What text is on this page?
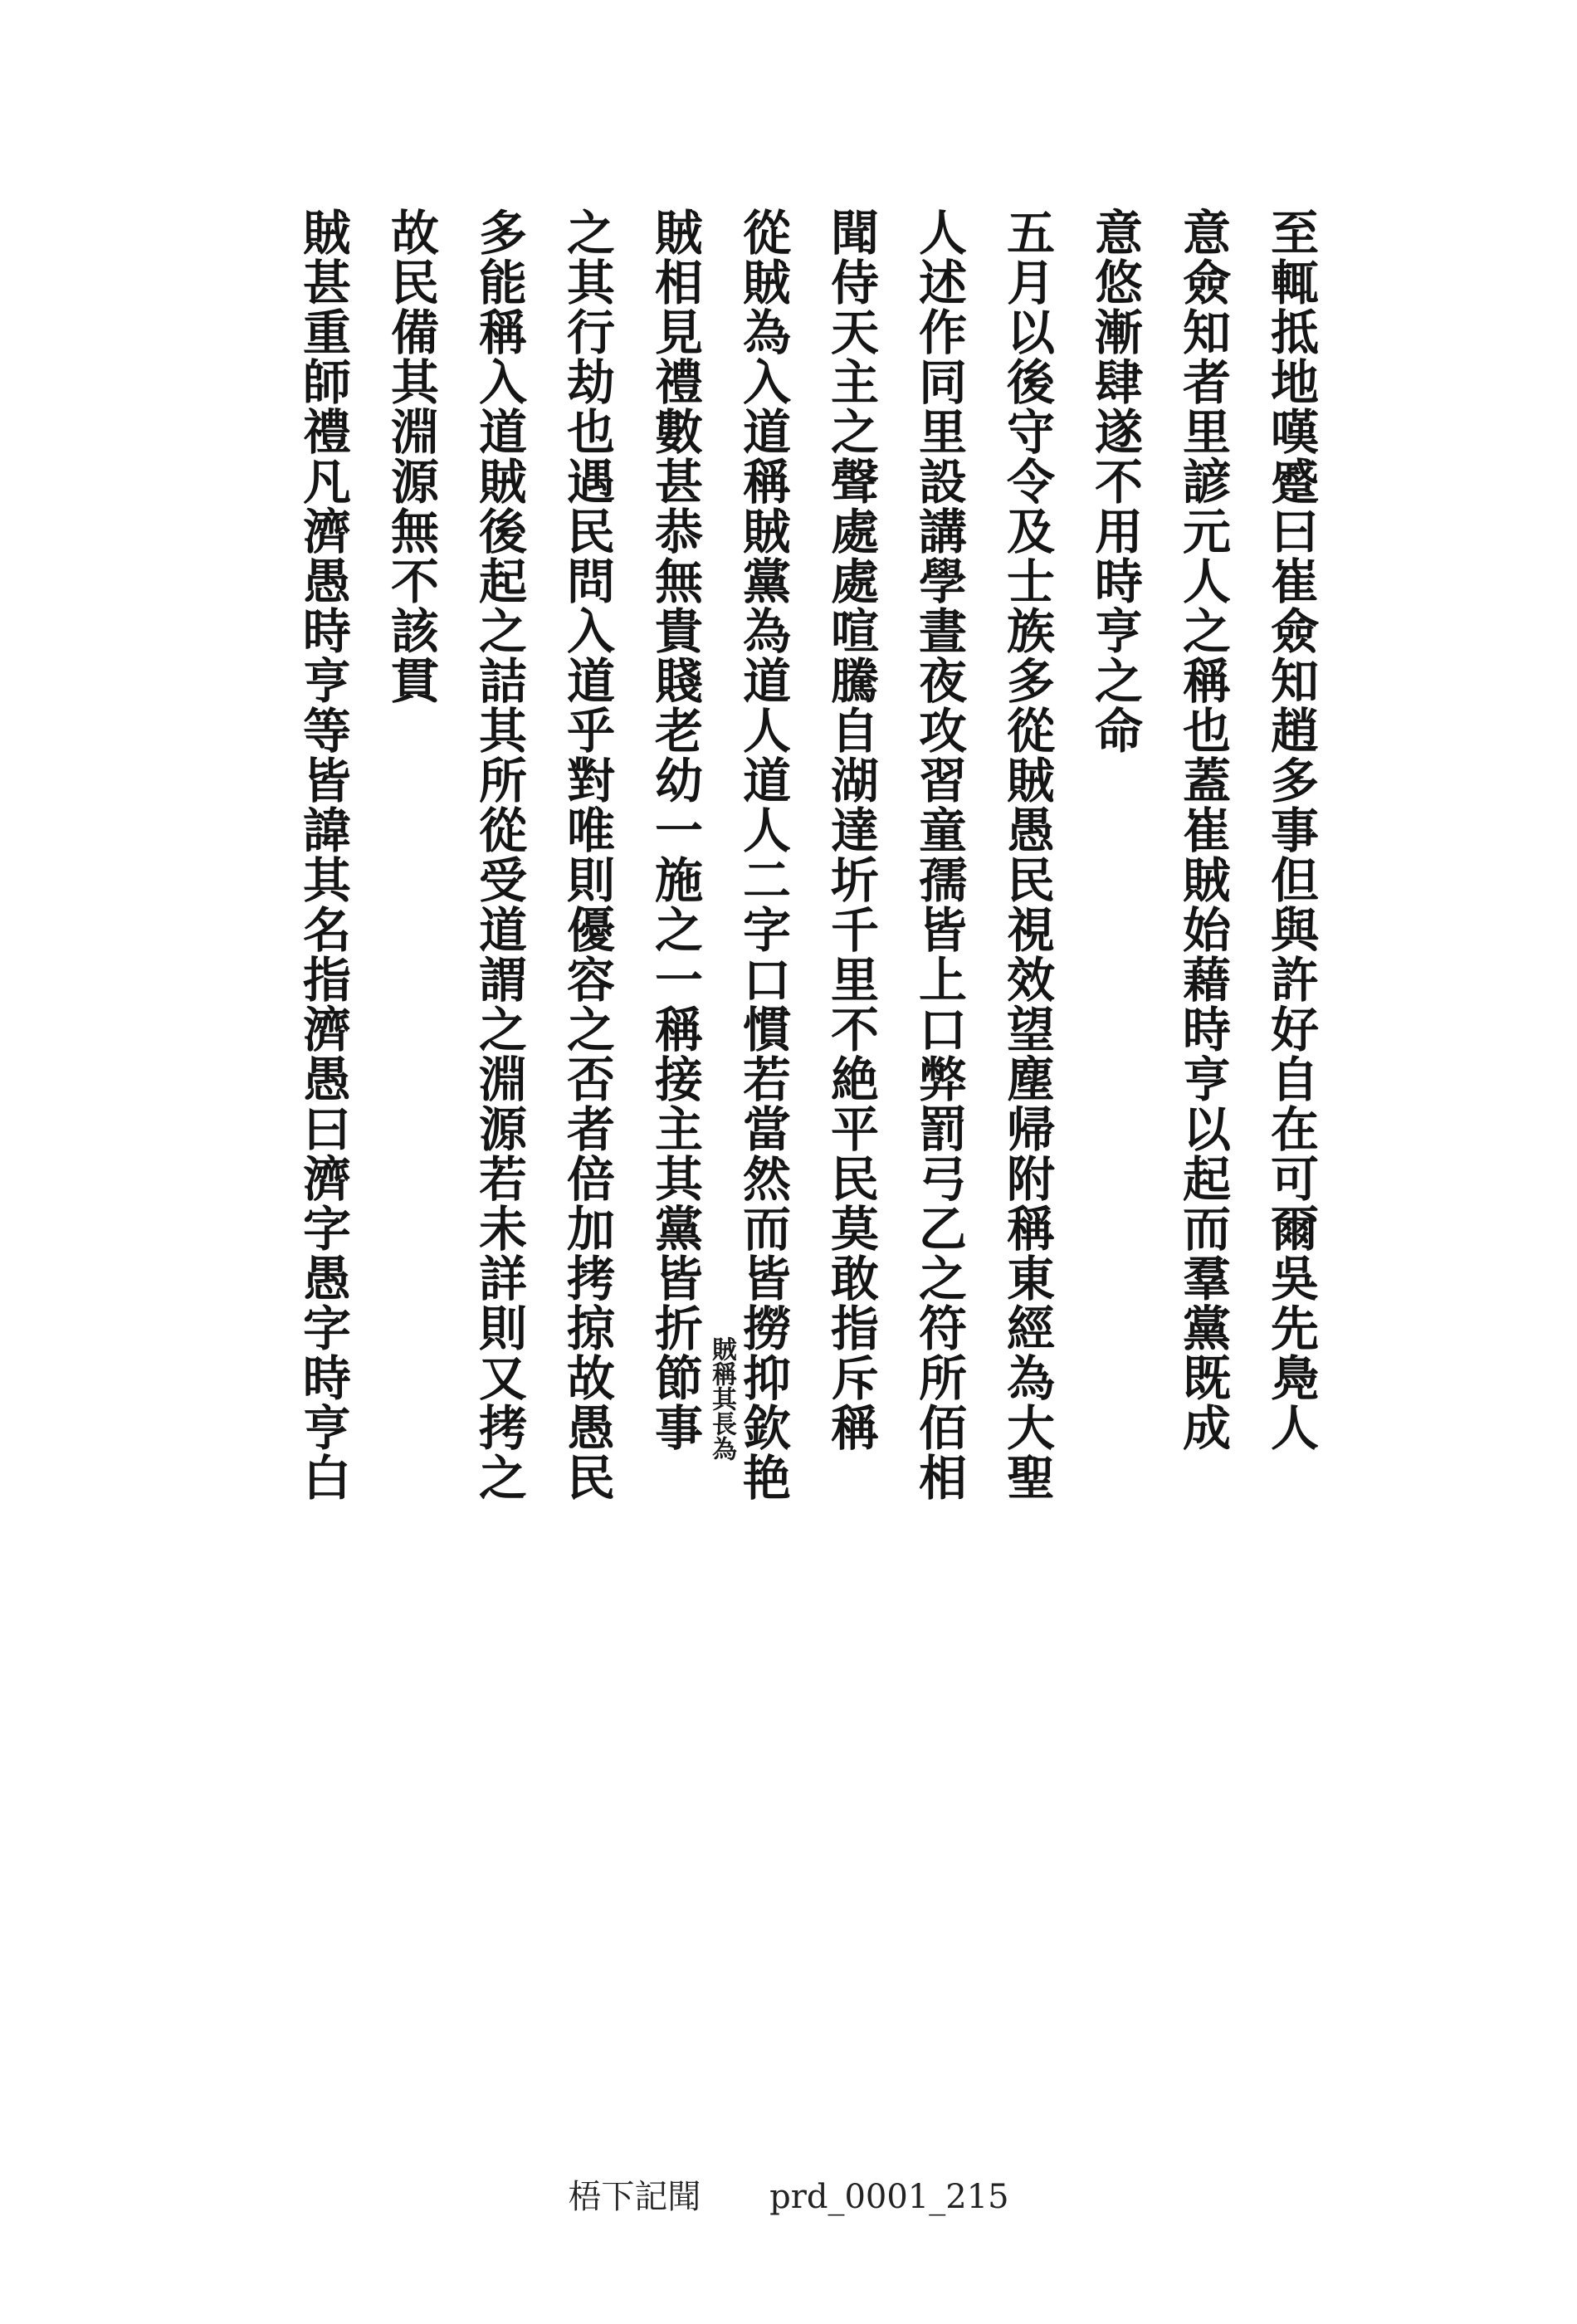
至輒抵地嘆蹙曰崔僉知趙多事但與許好自在可爾吳先鳧人
意僉知者里諺元人之稱也蓋崔賊始藉時亨以起而羣黨既成
意悠漸肆遂不用時亨之命
五月以後守令及士族多從賊愚民視效望塵帰附稱東經為大聖
人述作同里設講學晝夜攻習童孺皆上口弊罰弓乙之符所佰相
聞侍天主之聲處處喧騰自湖達圻千里不絶平民莫敢指斥稱
從賊為入道稱賊黨為道人道人二字口慣若當然而皆撈抑欽艳
賊相見禮數甚恭無貴賤老幼一施之一稱接主其黨皆折節事
之其行劫也遇民問入道乎對唯則優容之否者倍加拷掠故愚民
多能稱入道賊後起之詰其所從受道謂之淵源若未詳則又拷之
故民備其淵源無不該貫
賊甚重師禮凡濟愚時亨等皆諱其名指濟愚曰濟字愚字時亨白	賊稱其長為
梧下記聞 prd_0001_215
